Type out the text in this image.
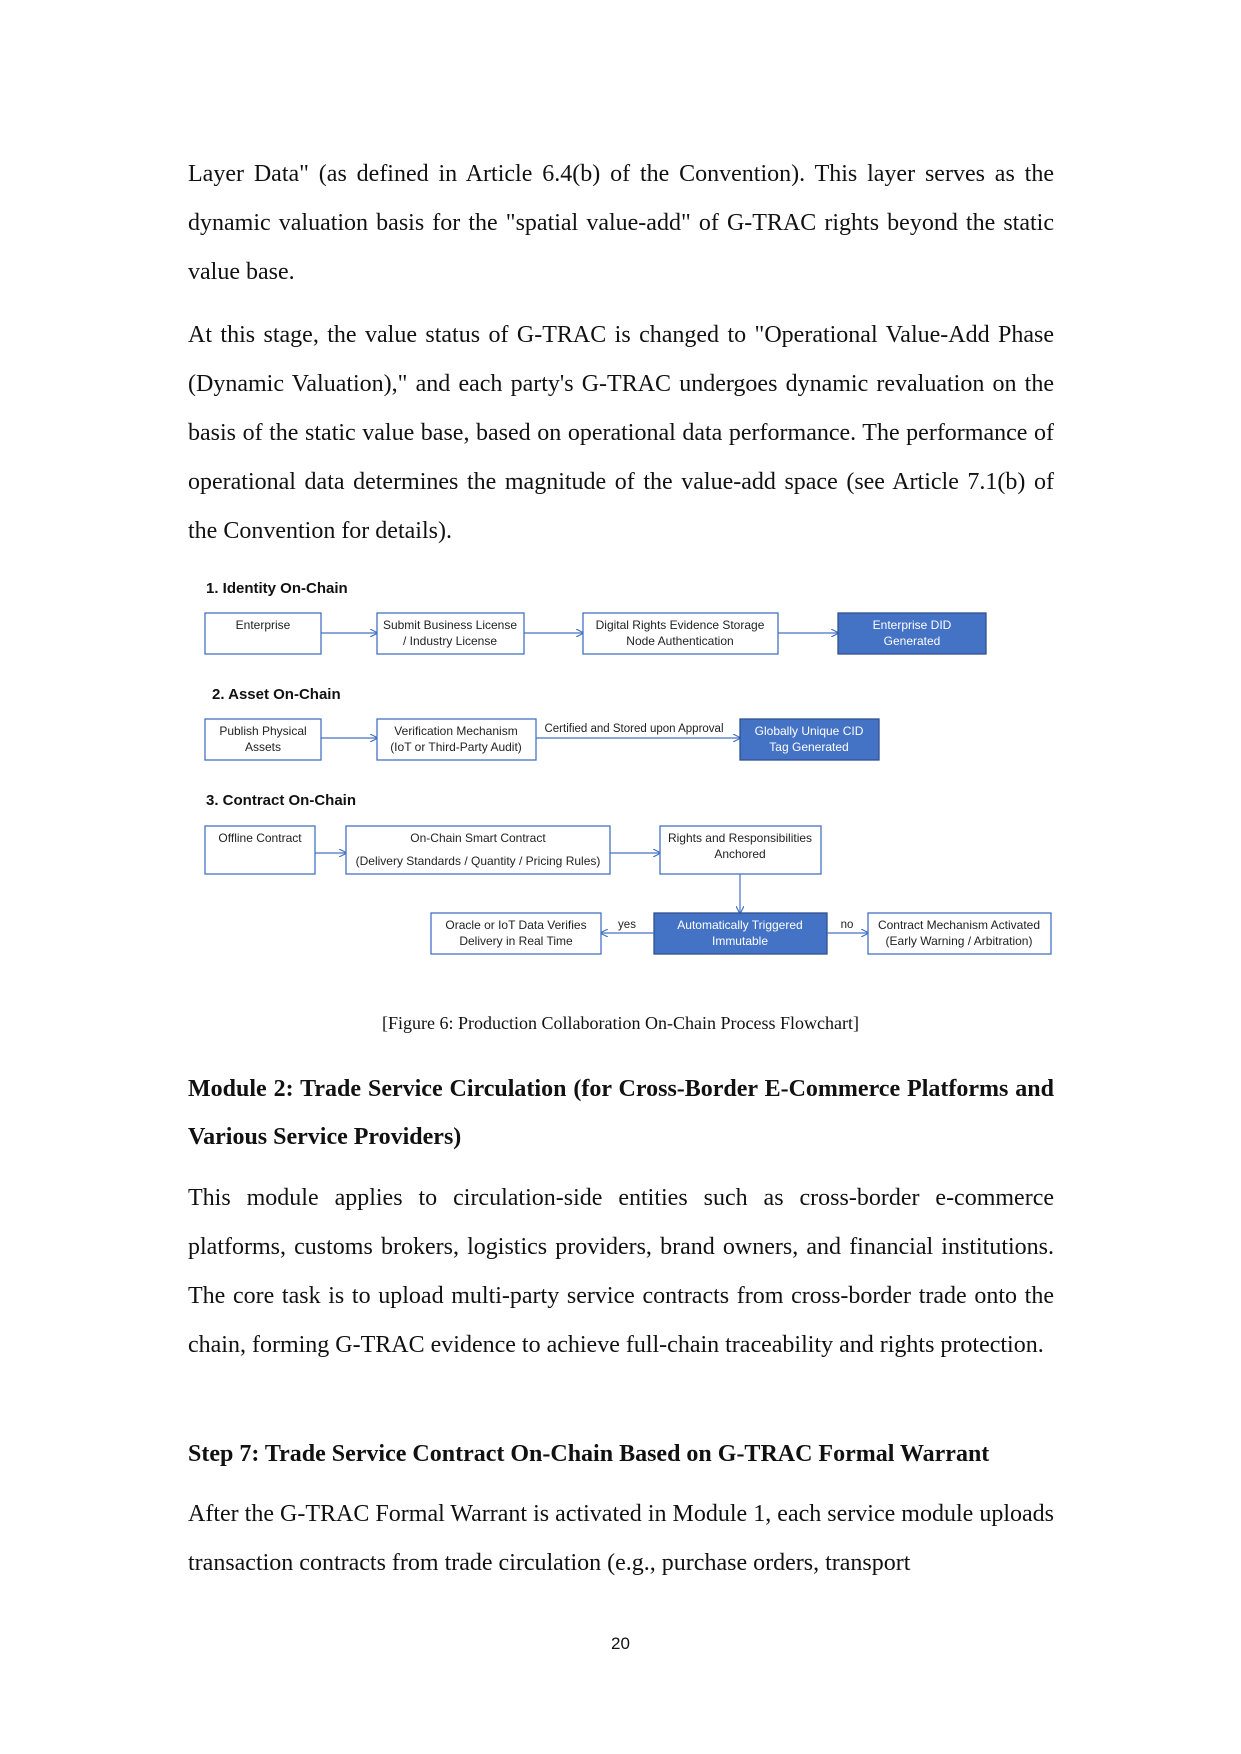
Layer Data" (as defined in Article 6.4(b) of the Convention). This layer serves as the dynamic valuation basis for the "spatial value-add" of G-TRAC rights beyond the static value base.

At this stage, the value status of G-TRAC is changed to "Operational Value-Add Phase (Dynamic Valuation)," and each party's G-TRAC undergoes dynamic revaluation on the basis of the static value base, based on operational data performance. The performance of operational data determines the magnitude of the value-add space (see Article 7.1(b) of the Convention for details).

1. Identity On-Chain
Enterprise	Submit Business License
/ Industry License
Digital Rights Evidence Storage
Node Authentication
Enterprise DID
Generated
2. Asset On-Chain
Publish Physical
Assets
Verification Mechanism
(IoT or Third-Party Audit)
Certified and Stored upon Approval	Globally Unique CID
Tag Generated
3. Contract On-Chain
Offline Contract	On-Chain Smart Contract
(Delivery Standards / Quantity / Pricing Rules)
Rights and Responsibilities
Anchored
Automatically Triggered
Immutable
yes
Oracle or IoT Data Verifies
Delivery in Real Time
no Contract Mechanism Activated
(Early Warning / Arbitration)
[Figure 6: Production Collaboration On-Chain Process Flowchart]

Module 2: Trade Service Circulation (for Cross-Border E-Commerce Platforms and Various Service Providers)

This module applies to circulation-side entities such as cross-border e-commerce platforms, customs brokers, logistics providers, brand owners, and financial institutions. The core task is to upload multi-party service contracts from cross-border trade onto the chain, forming G-TRAC evidence to achieve full-chain traceability and rights protection.

Step 7: Trade Service Contract On-Chain Based on G-TRAC Formal Warrant

After the G-TRAC Formal Warrant is activated in Module 1, each service module uploads transaction contracts from trade circulation (e.g., purchase orders, transport

20
